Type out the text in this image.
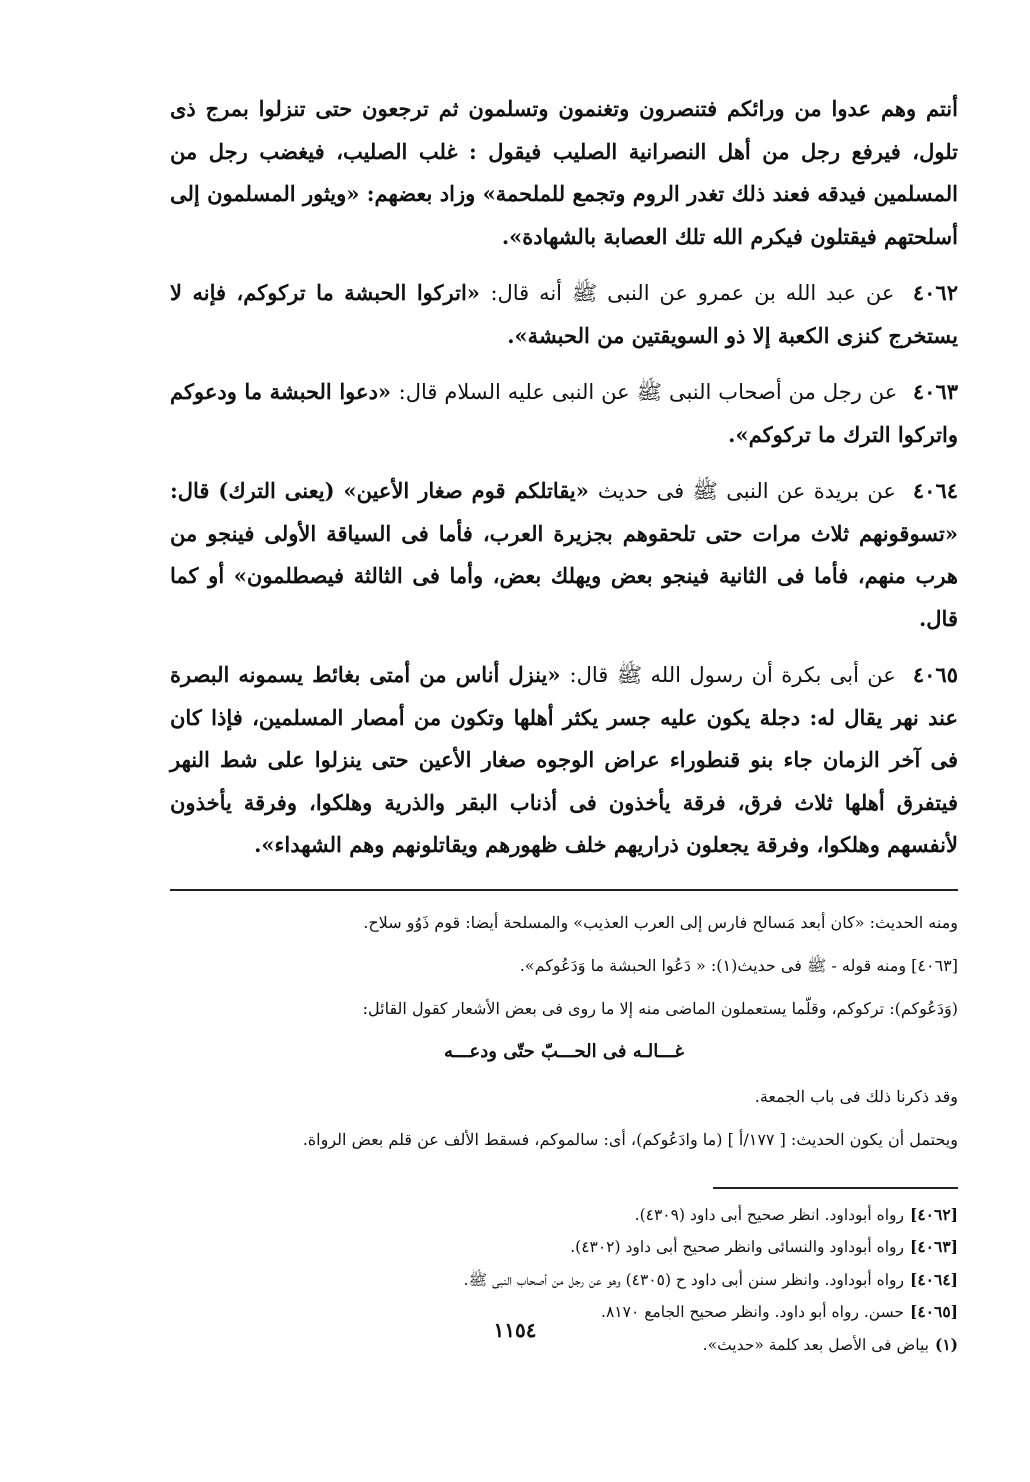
أنتم وهم عدوا من ورائكم فتنصرون وتغنمون وتسلمون ثم ترجعون حتى تنزلوا بمرج ذى تلول، فيرفع رجل من أهل النصرانية الصليب فيقول : غلب الصليب، فيغضب رجل من المسلمين فيدقه فعند ذلك تغدر الروم وتجمع للملحمة» وزاد بعضهم: «ويثور المسلمون إلى أسلحتهم فيقتلون فيكرم الله تلك العصابة بالشهادة».

٤٠٦٢ عن عبد الله بن عمرو عن النبى ﷺ أنه قال: «اتركوا الحبشة ما تركوكم، فإنه لا يستخرج كنزى الكعبة إلا ذو السويقتين من الحبشة».

٤٠٦٣ عن رجل من أصحاب النبى ﷺ عن النبى عليه السلام قال: «دعوا الحبشة ما ودعوكم واتركوا الترك ما تركوكم».

٤٠٦٤ عن بريدة عن النبى ﷺ فى حديث «يقاتلكم قوم صغار الأعين» (يعنى الترك) قال: «تسوقونهم ثلاث مرات حتى تلحقوهم بجزيرة العرب، فأما فى السياقة الأولى فينجو من هرب منهم، فأما فى الثانية فينجو بعض ويهلك بعض، وأما فى الثالثة فيصطلمون» أو كما قال.

٤٠٦٥ عن أبى بكرة أن رسول الله ﷺ قال: «ينزل أناس من أمتى بغائط يسمونه البصرة عند نهر يقال له: دجلة يكون عليه جسر يكثر أهلها وتكون من أمصار المسلمين، فإذا كان فى آخر الزمان جاء بنو قنطوراء عراض الوجوه صغار الأعين حتى ينزلوا على شط النهر فيتفرق أهلها ثلاث فرق، فرقة يأخذون فى أذناب البقر والذرية وهلكوا، وفرقة يأخذون لأنفسهم وهلكوا، وفرقة يجعلون ذراريهم خلف ظهورهم ويقاتلونهم وهم الشهداء».

ومنه الحديث: «كان أبعد مَسالح فارس إلى العرب العذيب» والمسلحة أيضا: قوم ذَوُو سلاح.

[٤٠٦٣] ومنه قوله - ﷺ فى حديث(١): « دَعُوا الحبشة ما وَدَعُوكم».

(وَدَعُوكم): تركوكم، وقلّما يستعملون الماضى منه إلا ما روى فى بعض الأشعار كقول القائل:

غـــالـه فى الحـــبّ حتّى ودعـــه

وقد ذكرنا ذلك فى باب الجمعة.

ويحتمل أن يكون الحديث: [ ١٧٧/أ ] (ما وادَعُوكم)، أى: سالموكم، فسقط الألف عن قلم بعض الرواة.

[٤٠٦٢]رواه أبوداود. انظر صحيح أبى داود (٤٣٠٩).

[٤٠٦٣]رواه أبوداود والنسائى وانظر صحيح أبى داود (٤٣٠٢).

[٤٠٦٤]رواه أبوداود. وانظر سنن أبى داود ح (٤٣٠٥) وهو عن رجل من أصحاب النبى ﷺ.

[٤٠٦٥]حسن. رواه أبو داود. وانظر صحيح الجامع ٨١٧٠.

(١)بياض فى الأصل بعد كلمة «حديث».

١١٥٤
